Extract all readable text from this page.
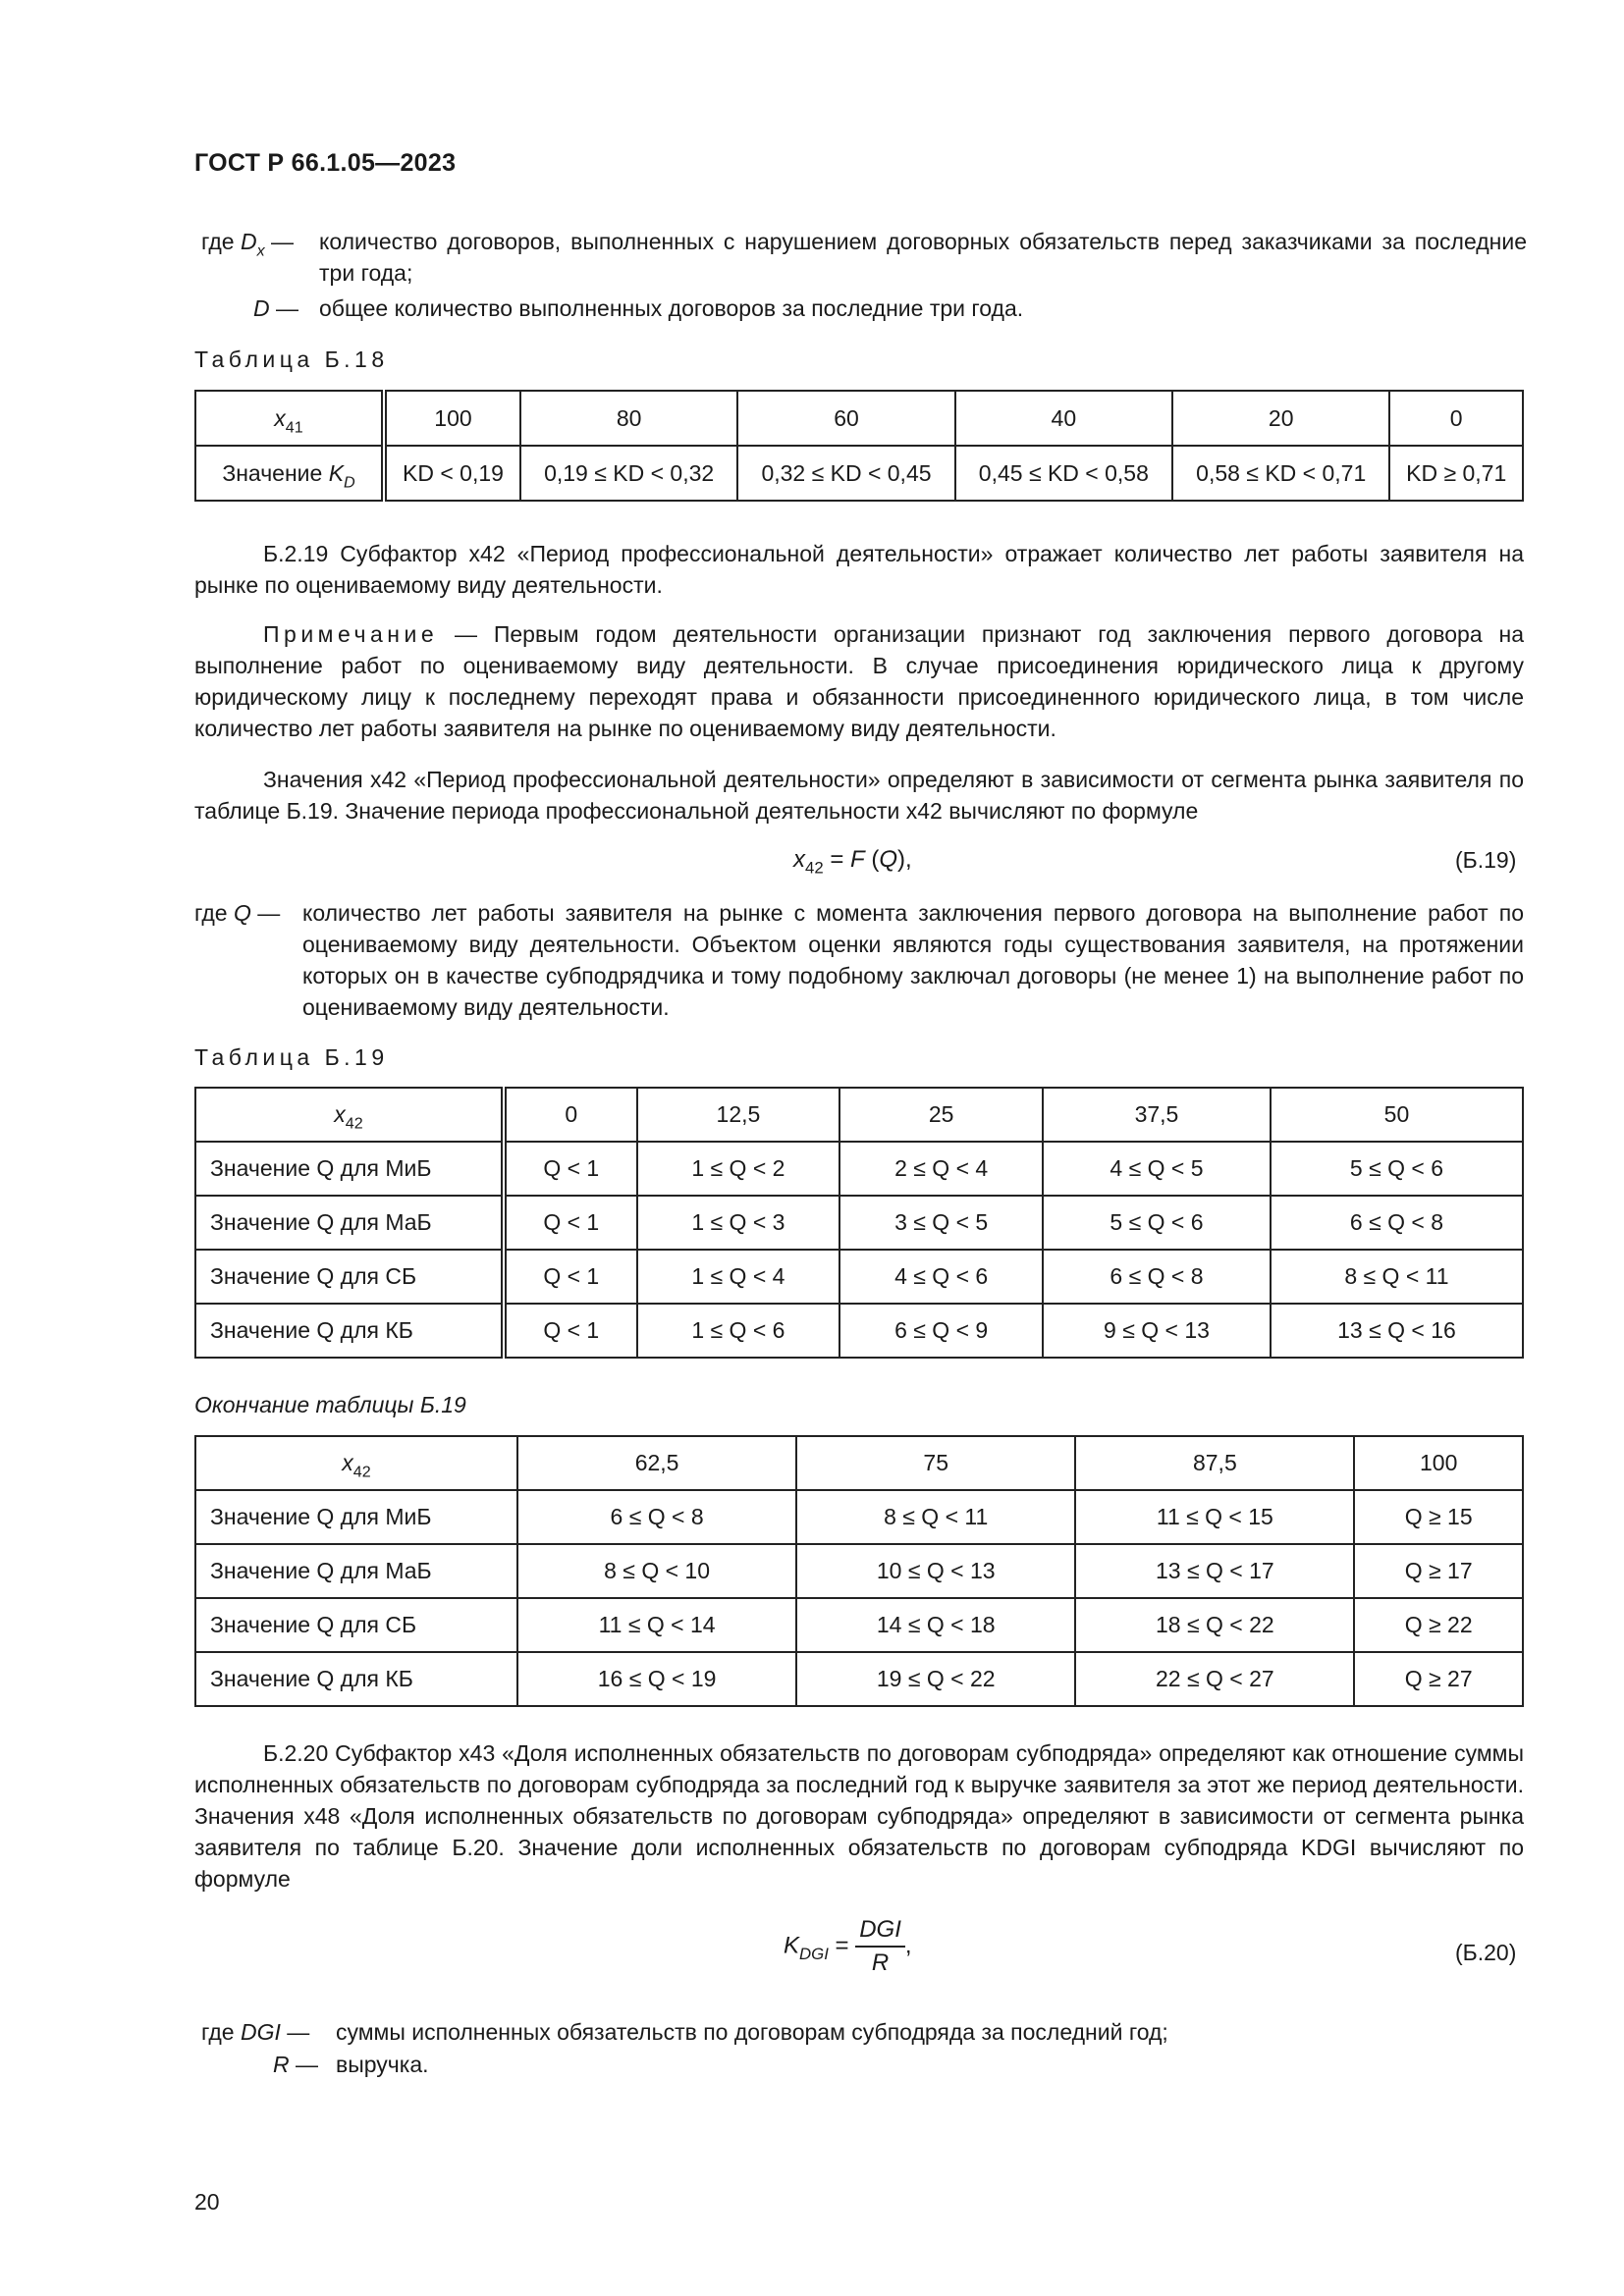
ГОСТ Р 66.1.05—2023
где $D_x$ — количество договоров, выполненных с нарушением договорных обязательств перед заказчиками за последние три года;
D — общее количество выполненных договоров за последние три года.
Таблица Б.18
$x_{41}$	100	80	60	40	20	0
Значение $K_D$	KD < 0,19	0,19 ≤ KD < 0,32	0,32 ≤ KD < 0,45	0,45 ≤ KD < 0,58	0,58 ≤ KD < 0,71	KD ≥ 0,71
Б.2.19 Субфактор x42 «Период профессиональной деятельности» отражает количество лет работы заявителя на рынке по оцениваемому виду деятельности.
Примечание — Первым годом деятельности организации признают год заключения первого договора на выполнение работ по оцениваемому виду деятельности. В случае присоединения юридического лица к другому юридическому лицу к последнему переходят права и обязанности присоединенного юридического лица, в том числе количество лет работы заявителя на рынке по оцениваемому виду деятельности.
Значения x42 «Период профессиональной деятельности» определяют в зависимости от сегмента рынка заявителя по таблице Б.19. Значение периода профессиональной деятельности x42 вычисляют по формуле
$x_{42} = F$ (Q),	(Б.19)
где Q — количество лет работы заявителя на рынке с момента заключения первого договора на выполнение работ по оцениваемому виду деятельности. Объектом оценки являются годы существования заявителя, на протяжении которых он в качестве субподрядчика и тому подобному заключал договоры (не менее 1) на выполнение работ по оцениваемому виду деятельности.
Таблица Б.19
$x_{42}$	0	12,5	25	37,5	50
Значение Q для МиБ	Q < 1	1 ≤ Q < 2	2 ≤ Q < 4	4 ≤ Q < 5	5 ≤ Q < 6
Значение Q для МаБ	Q < 1	1 ≤ Q < 3	3 ≤ Q < 5	5 ≤ Q < 6	6 ≤ Q < 8
Значение Q для СБ	Q < 1	1 ≤ Q < 4	4 ≤ Q < 6	6 ≤ Q < 8	8 ≤ Q < 11
Значение Q для КБ	Q < 1	1 ≤ Q < 6	6 ≤ Q < 9	9 ≤ Q < 13	13 ≤ Q < 16
Окончание таблицы Б.19
$x_{42}$	62,5	75	87,5	100
Значение Q для МиБ	6 ≤ Q < 8	8 ≤ Q < 11	11 ≤ Q < 15	Q ≥ 15
Значение Q для МаБ	8 ≤ Q < 10	10 ≤ Q < 13	13 ≤ Q < 17	Q ≥ 17
Значение Q для СБ	11 ≤ Q < 14	14 ≤ Q < 18	18 ≤ Q < 22	Q ≥ 22
Значение Q для КБ	16 ≤ Q < 19	19 ≤ Q < 22	22 ≤ Q < 27	Q ≥ 27
Б.2.20 Субфактор x43 «Доля исполненных обязательств по договорам субподряда» определяют как отношение суммы исполненных обязательств по договорам субподряда за последний год к выручке заявителя за этот же период деятельности. Значения x48 «Доля исполненных обязательств по договорам субподряда» определяют в зависимости от сегмента рынка заявителя по таблице Б.20. Значение доли исполненных обязательств по договорам субподряда KDGI вычисляют по формуле
$K_{DGI} = \frac{\text{DGI}}{R}$ ,	(Б.20)
где DGI — суммы исполненных обязательств по договорам субподряда за последний год;
R — выручка.
20
